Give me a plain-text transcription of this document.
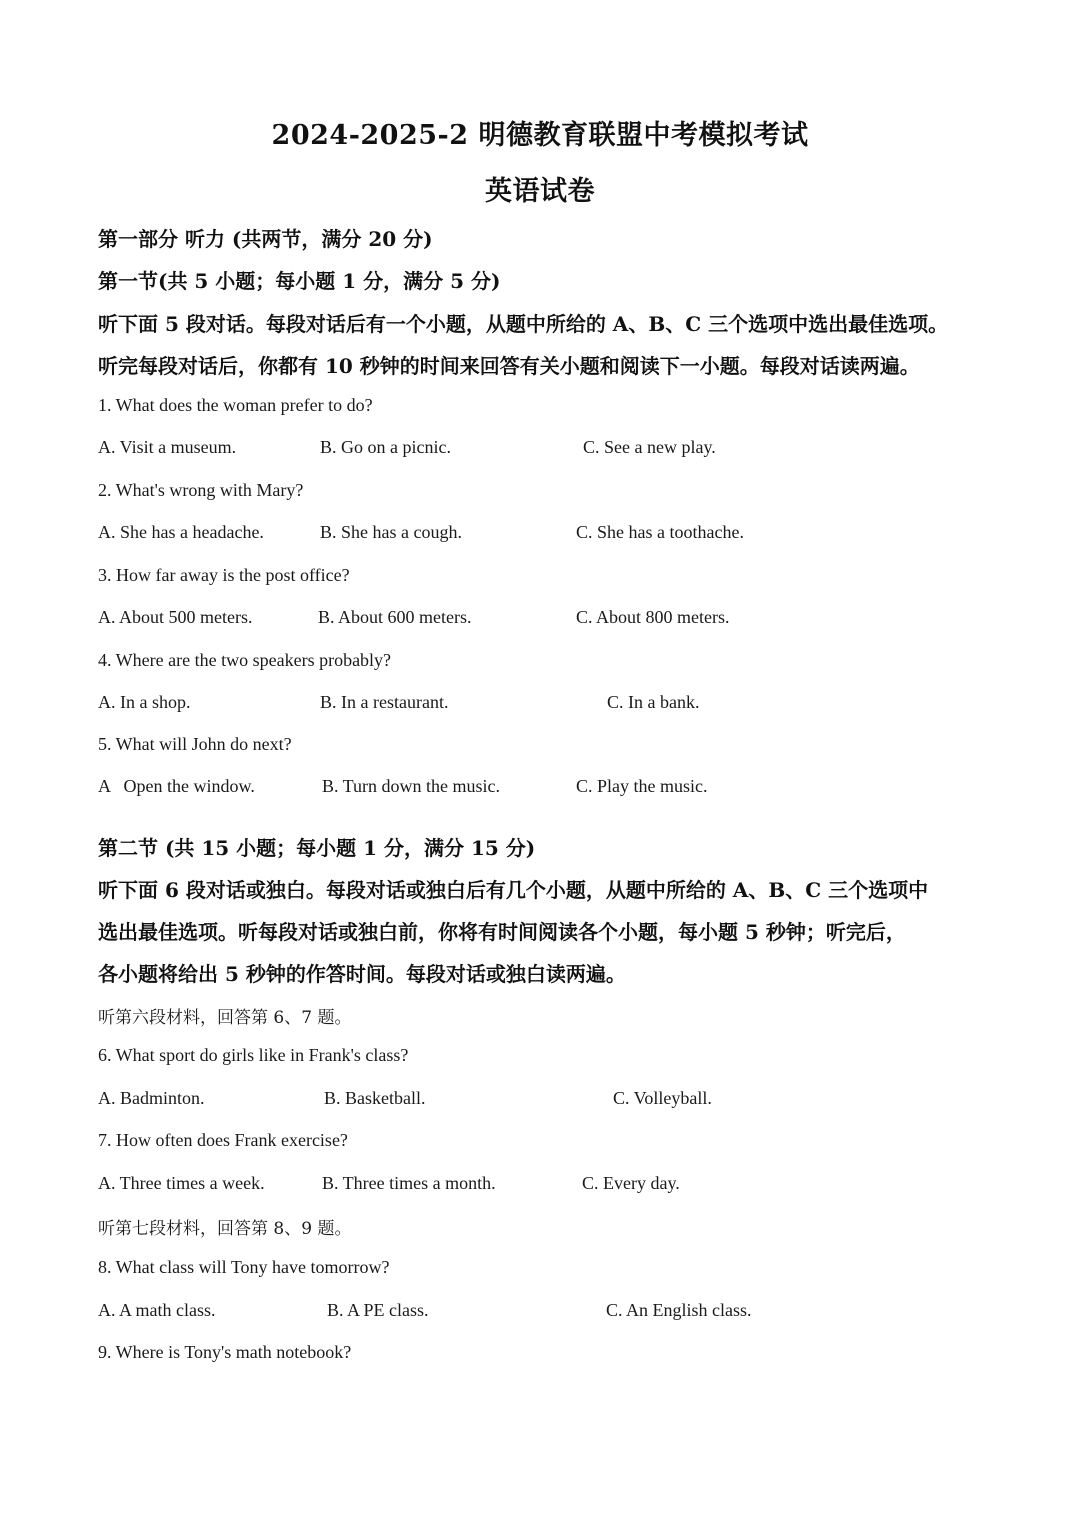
2024-2025-2 明德教育联盟中考模拟考试
英语试卷
第一部分 听力 (共两节，满分 20 分)
第一节(共 5 小题；每小题 1 分，满分 5 分)
听下面 5 段对话。每段对话后有一个小题，从题中所给的 A、B、C 三个选项中选出最佳选项。
听完每段对话后，你都有 10 秒钟的时间来回答有关小题和阅读下一小题。每段对话读两遍。
1. What does the woman prefer to do?
A. Visit a museum.	B. Go on a picnic.	C. See a new play.
2. What's wrong with Mary?
A. She has a headache.	B. She has a cough.	C. She has a toothache.
3. How far away is the post office?
A. About 500 meters.	B. About 600 meters.	C. About 800 meters.
4. Where are the two speakers probably?
A. In a shop.	B. In a restaurant.	C. In a bank.
5. What will John do next?
A   Open the window.	B. Turn down the music.	C. Play the music.
第二节 (共 15 小题；每小题 1 分，满分 15 分)
听下面 6 段对话或独白。每段对话或独白后有几个小题，从题中所给的 A、B、C 三个选项中
选出最佳选项。听每段对话或独白前，你将有时间阅读各个小题，每小题 5 秒钟；听完后，
各小题将给出 5 秒钟的作答时间。每段对话或独白读两遍。
听第六段材料，回答第 6、7 题。
6. What sport do girls like in Frank's class?
A. Badminton.	B. Basketball.	C. Volleyball.
7. How often does Frank exercise?
A. Three times a week.	B. Three times a month.	C. Every day.
听第七段材料，回答第 8、9 题。
8. What class will Tony have tomorrow?
A. A math class.	B. A PE class.	C. An English class.
9. Where is Tony's math notebook?
